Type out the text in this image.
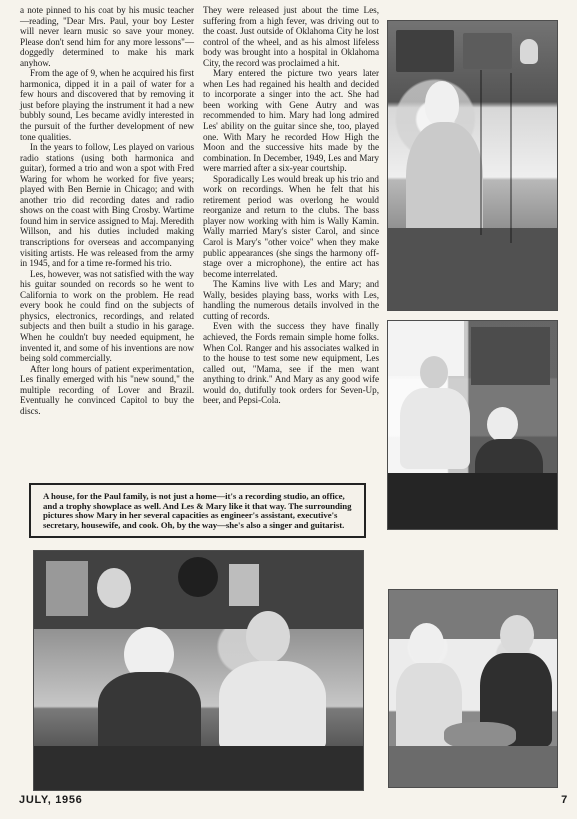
a note pinned to his coat by his music teacher—reading, "Dear Mrs. Paul, your boy Lester will never learn music so save your money. Please don't send him for any more lessons"—doggedly determined to make his mark anyhow.

From the age of 9, when he acquired his first harmonica, dipped it in a pail of water for a few hours and discovered that by removing it just before playing the instrument it had a new bubbly sound, Les became avidly interested in the pursuit of the further development of new tone qualities.

In the years to follow, Les played on various radio stations (using both harmonica and guitar), formed a trio and won a spot with Fred Waring for whom he worked for five years; played with Ben Bernie in Chicago; and with another trio did recording dates and radio shows on the coast with Bing Crosby. Wartime found him in service assigned to Maj. Meredith Willson, and his duties included making transcriptions for overseas and accompanying visiting artists. He was released from the army in 1945, and for a time re-formed his trio.

Les, however, was not satisfied with the way his guitar sounded on records so he went to California to work on the problem. He read every book he could find on the subjects of physics, electronics, recordings, and related subjects and then built a studio in his garage. When he couldn't buy needed equipment, he invented it, and some of his inventions are now being sold commercially.

After long hours of patient experimentation, Les finally emerged with his "new sound," the multiple recording of Lover and Brazil. Eventually he convinced Capitol to buy the discs.

They were released just about the time Les, suffering from a high fever, was driving out to the coast. Just outside of Oklahoma City he lost control of the wheel, and as his almost lifeless body was brought into a hospital in Oklahoma City, the record was proclaimed a hit.

Mary entered the picture two years later when Les had regained his health and decided to incorporate a singer into the act. She had been working with Gene Autry and was recommended to him. Mary had long admired Les' ability on the guitar since she, too, played one. With Mary he recorded How High the Moon and the successive hits made by the combination. In December, 1949, Les and Mary were married after a six-year courtship.

Sporadically Les would break up his trio and work on recordings. When he felt that his retirement period was overlong he would reorganize and return to the clubs. The bass player now working with him is Wally Kamin. Wally married Mary's sister Carol, and since Carol is Mary's "other voice" when they make public appearances (she sings the harmony off-stage over a microphone), the entire act has become interrelated.

The Kamins live with Les and Mary; and Wally, besides playing bass, works with Les, handling the numerous details involved in the cutting of records.

Even with the success they have finally achieved, the Fords remain simple home folks. When Col. Ranger and his associates walked in to the house to test some new equipment, Les called out, "Mama, see if the men want anything to drink." And Mary as any good wife would do, dutifully took orders for Seven-Up, beer, and Pepsi-Cola.

A house, for the Paul family, is not just a home—it's a recording studio, an office, and a trophy showplace as well. And Les & Mary like it that way. The surrounding pictures show Mary in her several capacities as engineer's assistant, executive's secretary, housewife, and cook. Oh, by the way—she's also a singer and guitarist.
JULY, 1956	7
